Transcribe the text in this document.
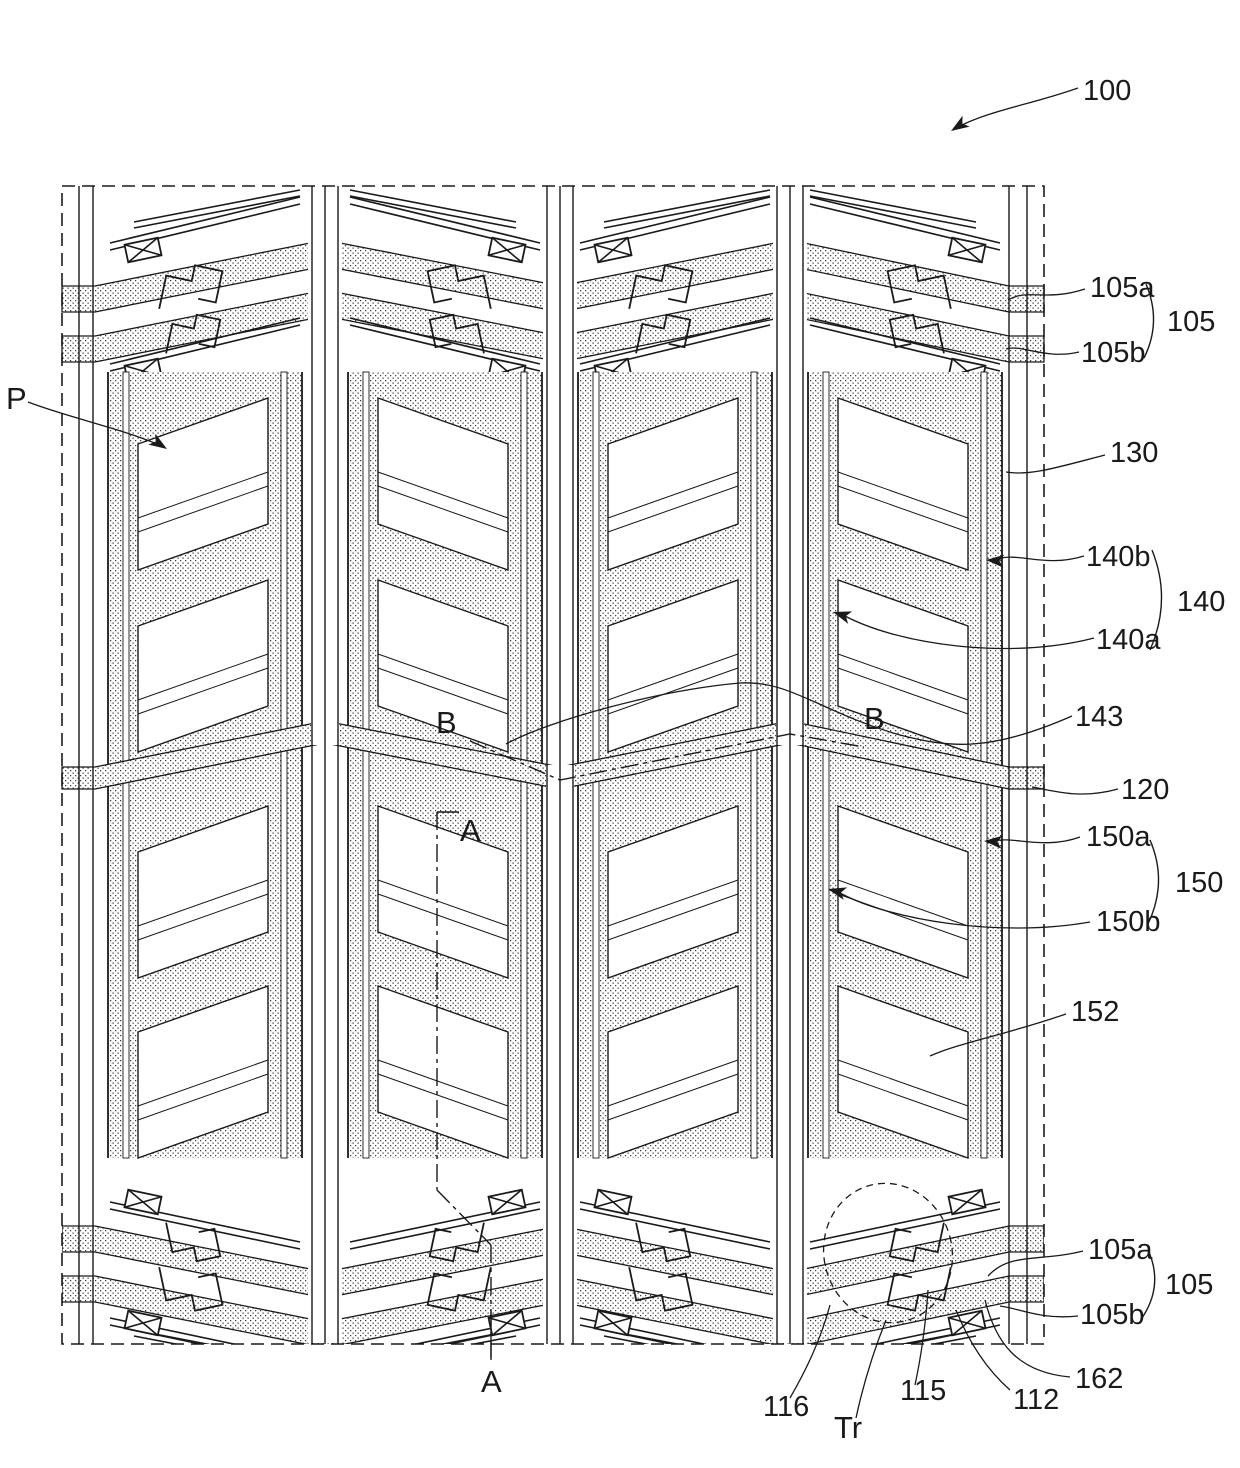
100
P
105a
105
105b
130
140b
140
140a
B	B	143
120
150a
150
150b
A
152
105a
105
105b
162
112
115
Tr
116
A
